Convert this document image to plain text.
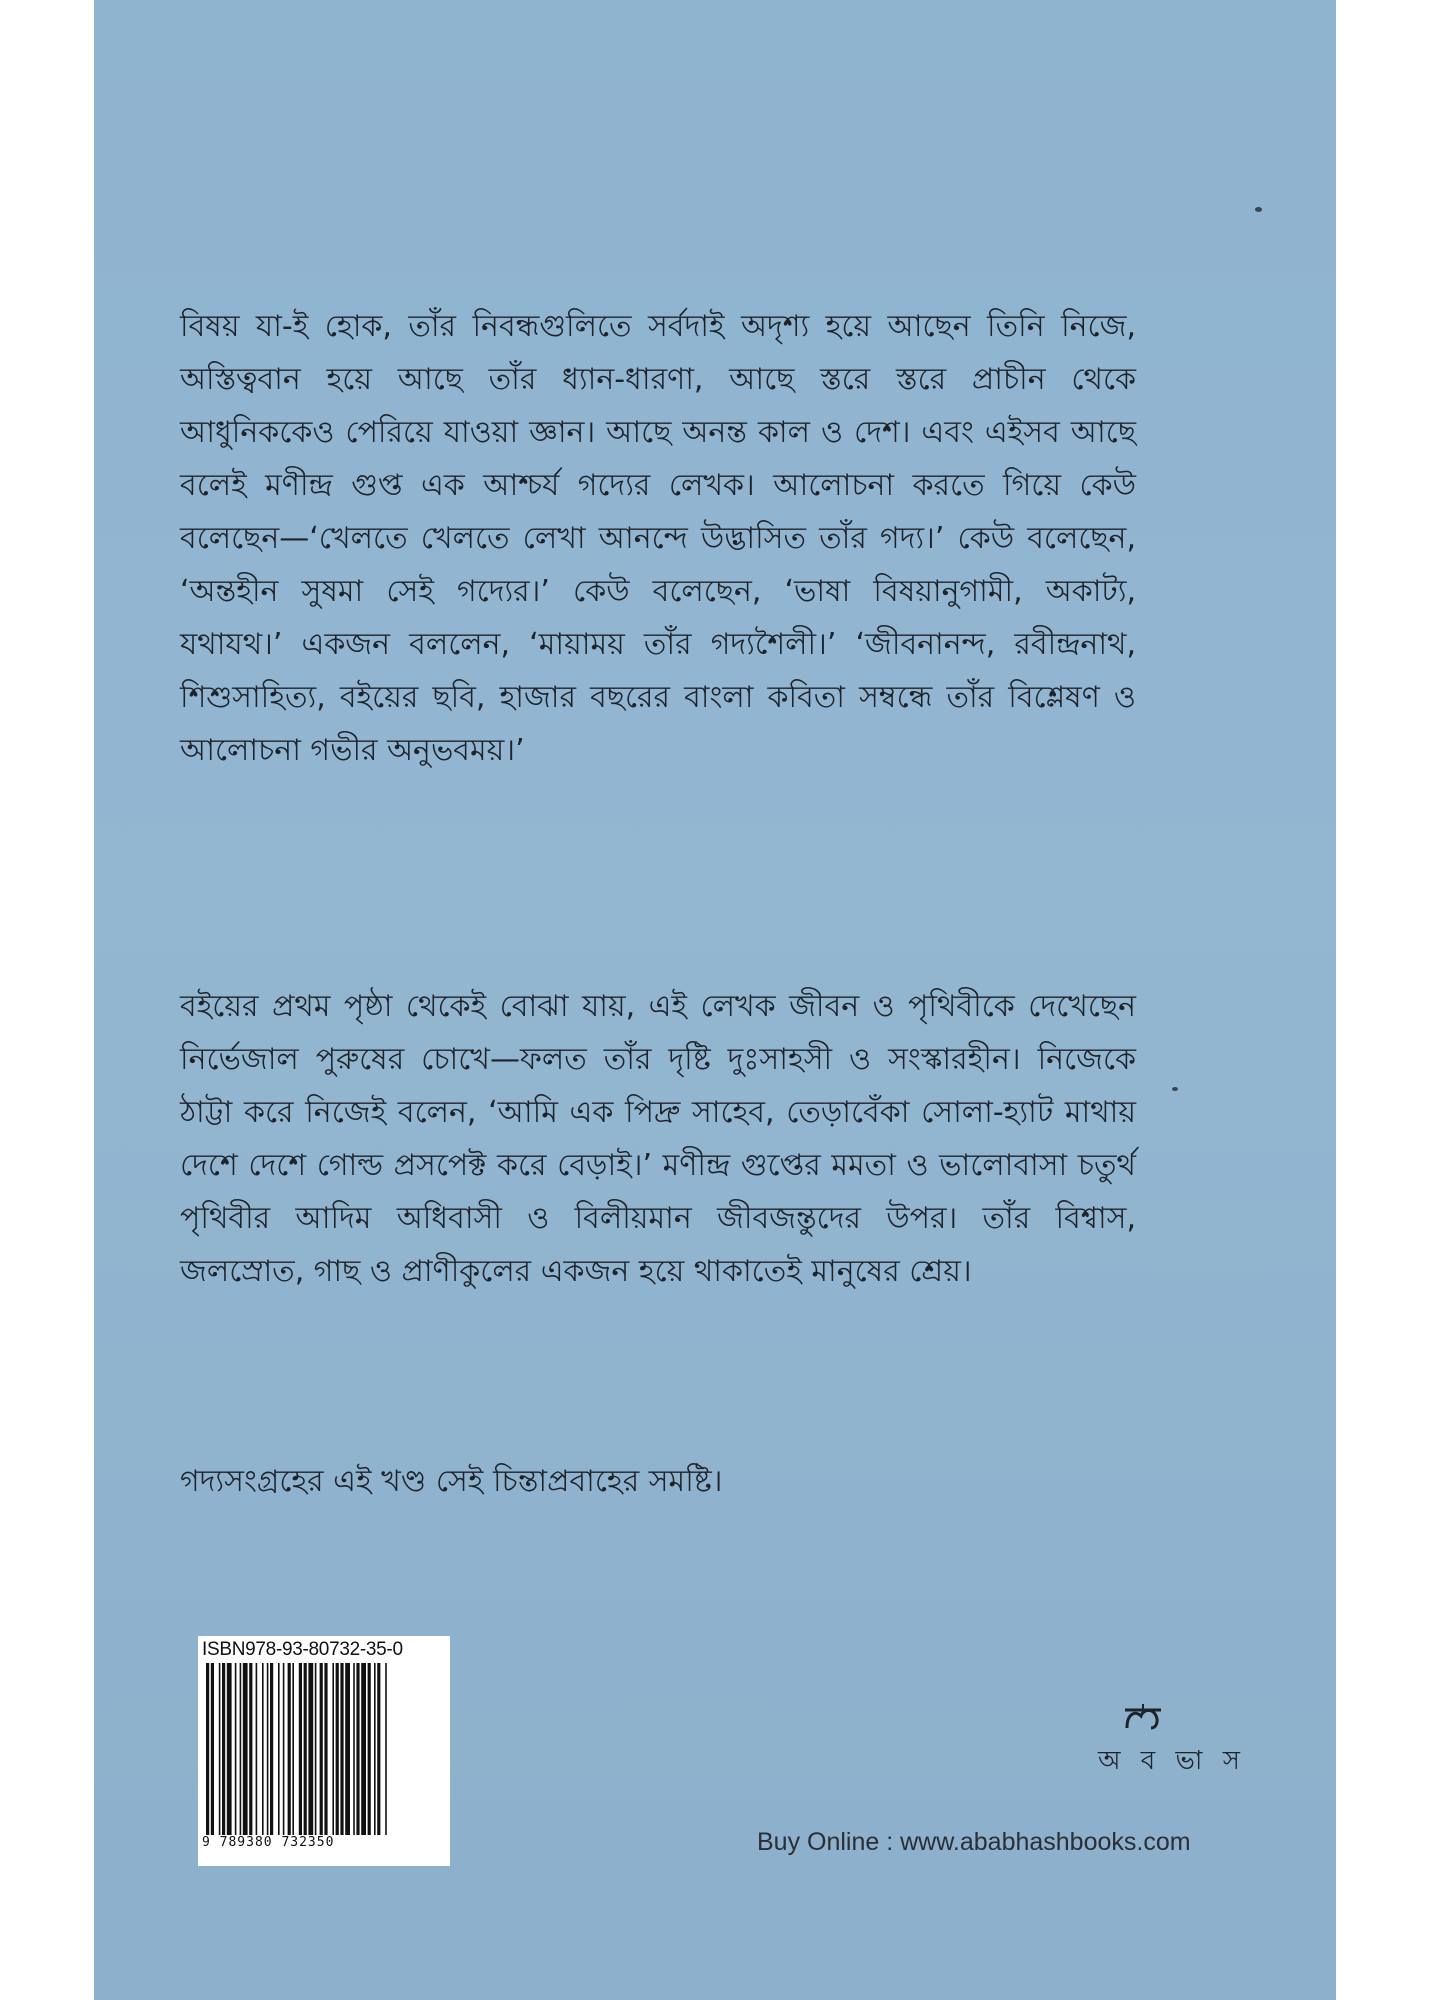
বিষয় যা-ই হোক, তাঁর নিবন্ধগুলিতে সর্বদাই অদৃশ্য হয়ে আছেন তিনি নিজে, অস্তিত্ববান হয়ে আছে তাঁর ধ্যান-ধারণা, আছে স্তরে স্তরে প্রাচীন থেকে আধুনিককেও পেরিয়ে যাওয়া জ্ঞান। আছে অনন্ত কাল ও দেশ। এবং এইসব আছে বলেই মণীন্দ্র গুপ্ত এক আশ্চর্য গদ্যের লেখক। আলোচনা করতে গিয়ে কেউ বলেছেন—‘খেলতে খেলতে লেখা আনন্দে উদ্ভাসিত তাঁর গদ্য।’ কেউ বলেছেন, ‘অন্তহীন সুষমা সেই গদ্যের।’ কেউ বলেছেন, ‘ভাষা বিষয়ানুগামী, অকাট্য, যথাযথ।’ একজন বললেন, ‘মায়াময় তাঁর গদ্যশৈলী।’ ‘জীবনানন্দ, রবীন্দ্রনাথ, শিশুসাহিত্য, বইয়ের ছবি, হাজার বছরের বাংলা কবিতা সম্বন্ধে তাঁর বিশ্লেষণ ও আলোচনা গভীর অনুভবময়।’

বইয়ের প্রথম পৃষ্ঠা থেকেই বোঝা যায়, এই লেখক জীবন ও পৃথিবীকে দেখেছেন নির্ভেজাল পুরুষের চোখে—ফলত তাঁর দৃষ্টি দুঃসাহসী ও সংস্কারহীন। নিজেকে ঠাট্টা করে নিজেই বলেন, ‘আমি এক পিদ্রু সাহেব, তেড়াবেঁকা সোলা-হ্যাট মাথায় দেশে দেশে গোল্ড প্রসপেক্ট করে বেড়াই।’ মণীন্দ্র গুপ্তের মমতা ও ভালোবাসা চতুর্থ পৃথিবীর আদিম অধিবাসী ও বিলীয়মান জীবজন্তুদের উপর। তাঁর বিশ্বাস, জলস্রোত, গাছ ও প্রাণীকুলের একজন হয়ে থাকাতেই মানুষের শ্রেয়।

গদ্যসংগ্রহের এই খণ্ড সেই চিন্তাপ্রবাহের সমষ্টি।

ISBN978-93-80732-35-0
9 789380 732350
অ ব ভা স
Buy Online : www.ababhashbooks.com
